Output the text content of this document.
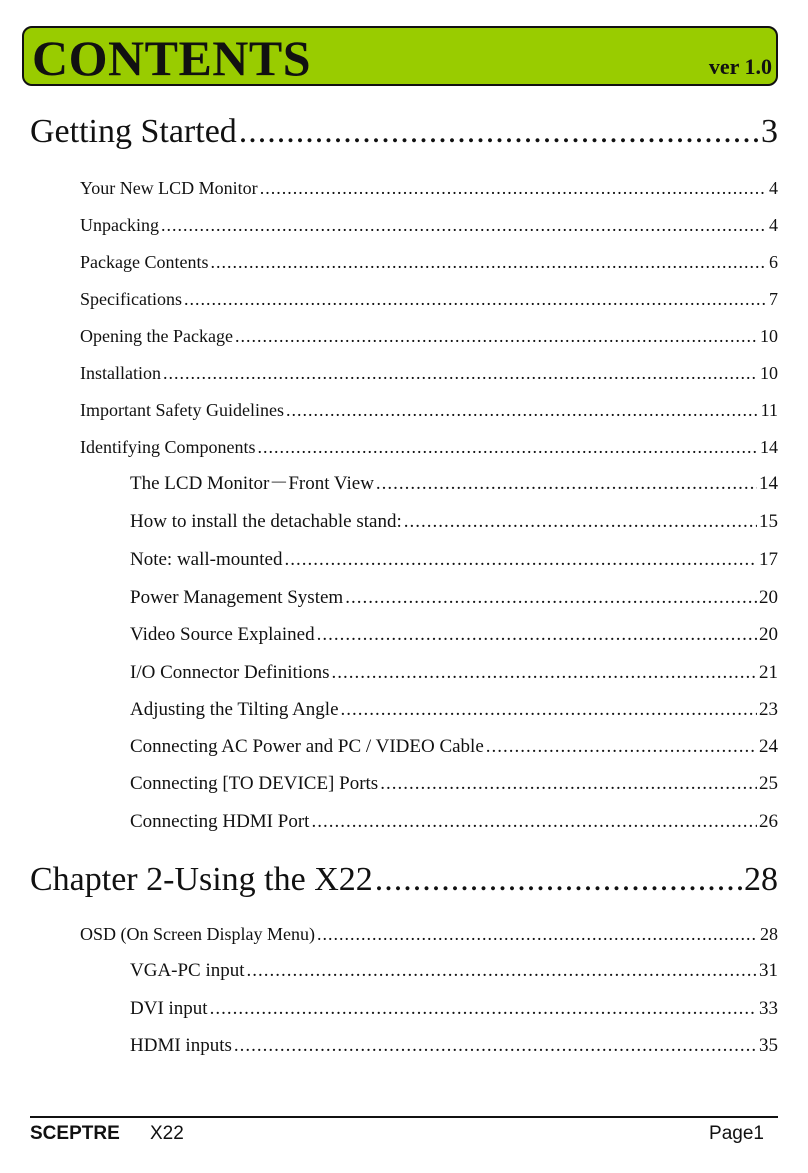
CONTENTS	ver 1.0
Getting Started .....	3
Your New LCD Monitor .....	4
Unpacking .....	4
Package Contents .....	6
Specifications .....	7
Opening the Package .....	10
Installation .....	10
Important Safety Guidelines .....	11
Identifying Components .....	14
The LCD Monitor－Front View .....	14
How to install the detachable stand: .....	15
Note: wall-mounted .....	17
Power Management System .....	20
Video Source Explained .....	20
I/O Connector Definitions .....	21
Adjusting the Tilting Angle .....	23
Connecting AC Power and PC / VIDEO Cable .....	24
Connecting [TO DEVICE] Ports .....	25
Connecting HDMI Port .....	26
Chapter 2-Using the X22 .....	28
OSD (On Screen Display Menu) .....	28
VGA-PC input .....	31
DVI input .....	33
HDMI inputs .....	35
SCEPTRE X22	Page1
